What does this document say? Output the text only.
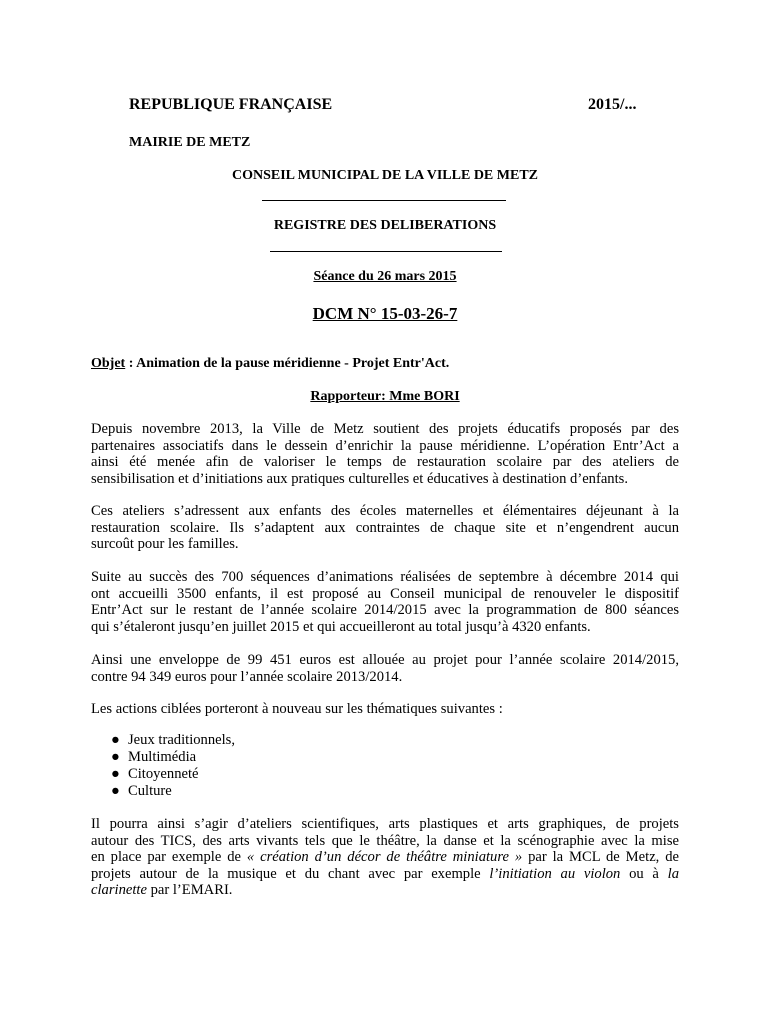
REPUBLIQUE FRANÇAISE	2015/...
MAIRIE DE METZ
CONSEIL MUNICIPAL DE LA VILLE DE METZ
REGISTRE DES DELIBERATIONS
Séance du 26 mars 2015
DCM N° 15-03-26-7
Objet : Animation de la pause méridienne - Projet Entr'Act.
Rapporteur: Mme BORI
Depuis novembre 2013, la Ville de Metz soutient des projets éducatifs proposés par des
partenaires associatifs dans le dessein d’enrichir la pause méridienne. L’opération Entr’Act a
ainsi été menée afin de valoriser le temps de restauration scolaire par des ateliers de
sensibilisation et d’initiations aux pratiques culturelles et éducatives à destination d’enfants.
Ces ateliers s’adressent aux enfants des écoles maternelles et élémentaires déjeunant à la
restauration scolaire. Ils s’adaptent aux contraintes de chaque site et n’engendrent aucun
surcoût pour les familles.
Suite au succès des 700 séquences d’animations réalisées de septembre à décembre 2014 qui
ont accueilli 3500 enfants, il est proposé au Conseil municipal de renouveler le dispositif
Entr’Act sur le restant de l’année scolaire 2014/2015 avec la programmation de 800 séances
qui s’étaleront jusqu’en juillet 2015 et qui accueilleront au total jusqu’à 4320 enfants.
Ainsi une enveloppe de 99 451 euros est allouée au projet pour l’année scolaire 2014/2015,
contre 94 349 euros pour l’année scolaire 2013/2014.
Les actions ciblées porteront à nouveau sur les thématiques suivantes :
● Jeux traditionnels,
● Multimédia
● Citoyenneté
● Culture
Il pourra ainsi s’agir d’ateliers scientifiques, arts plastiques et arts graphiques, de projets
autour des TICS, des arts vivants tels que le théâtre, la danse et la scénographie avec la mise
en place par exemple de « création d’un décor de théâtre miniature » par la MCL de Metz, de
projets autour de la musique et du chant avec par exemple l’initiation au violon ou à la
clarinette par l’EMARI.
